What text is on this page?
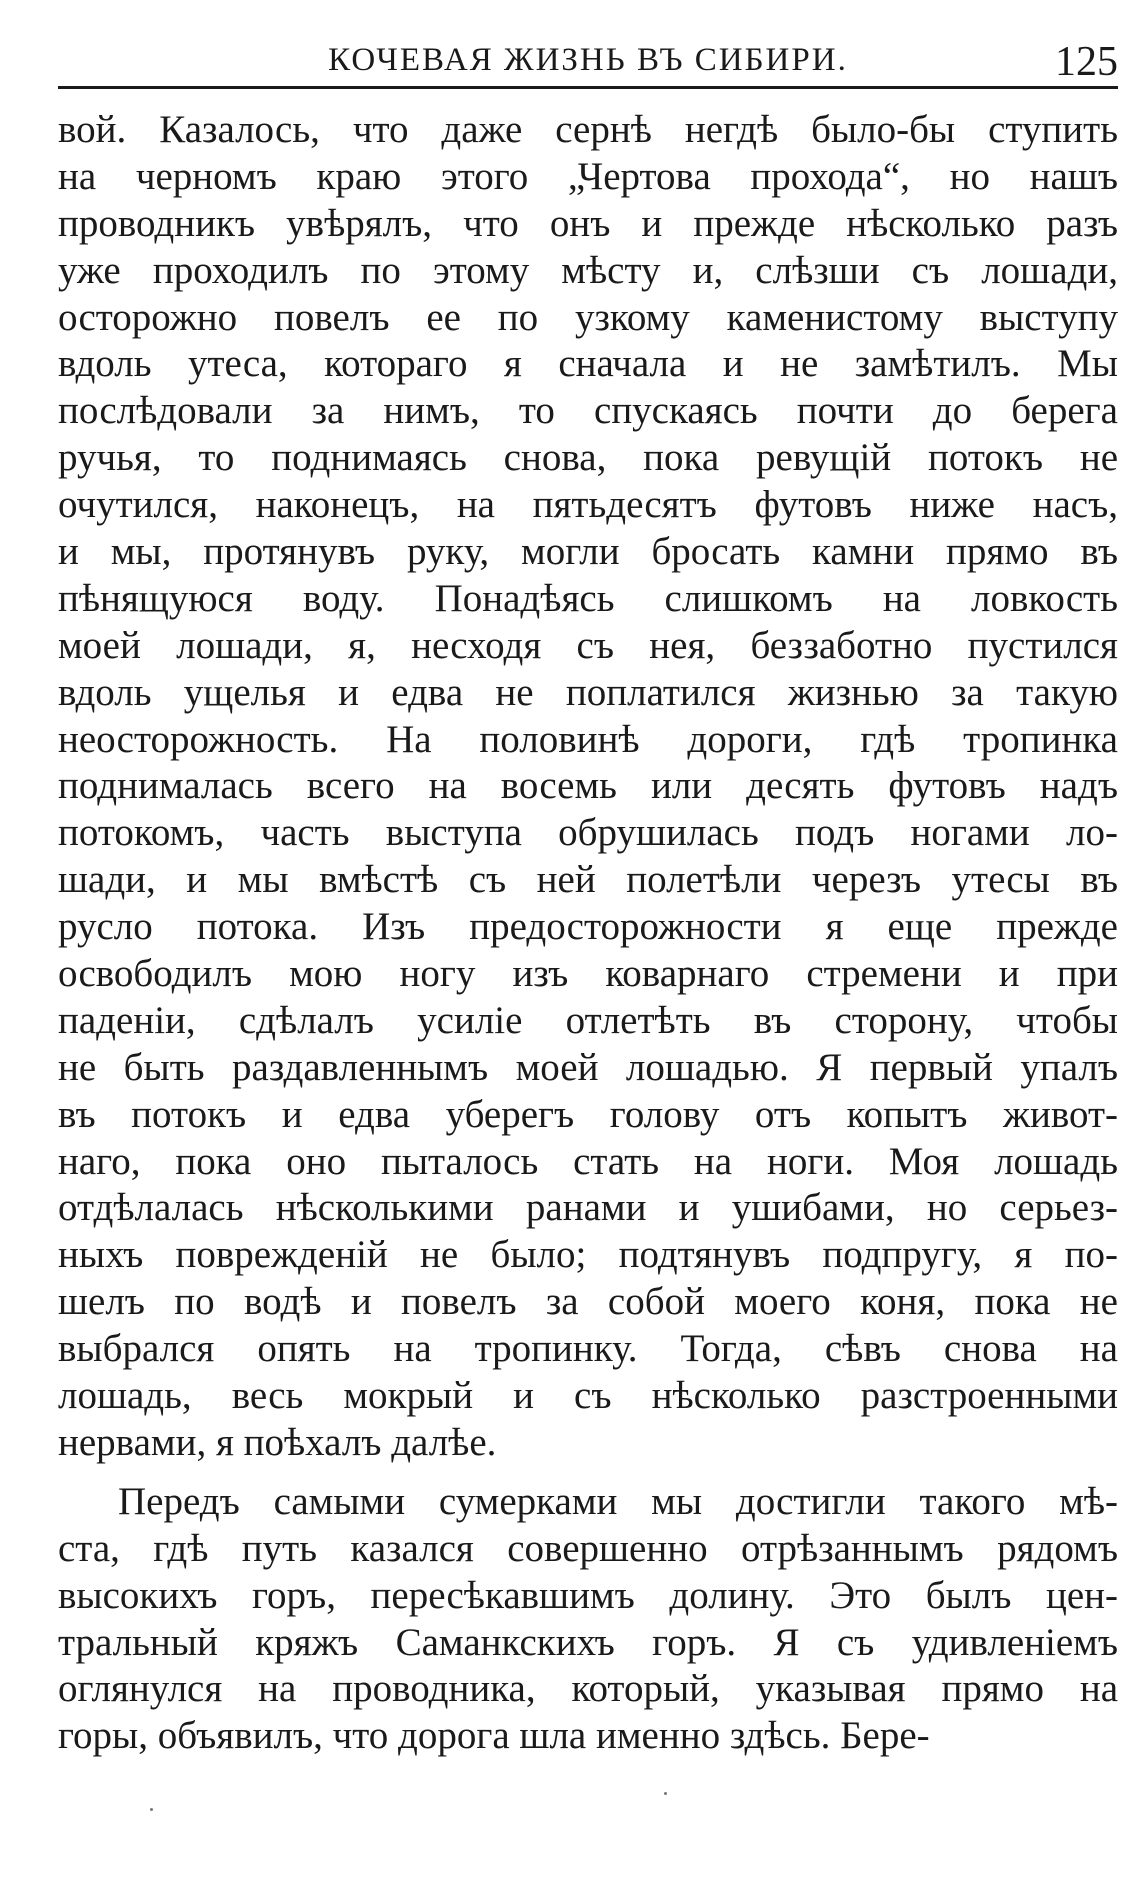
КОЧЕВАЯ ЖИЗНЬ ВЪ СИБИРИ.	125
вой. Казалось, что даже сернѣ негдѣ было-бы ступить
на черномъ краю этого „Чертова прохода“, но нашъ
проводникъ увѣрялъ, что онъ и прежде нѣсколько разъ
уже проходилъ по этому мѣсту и, слѣзши съ лошади,
осторожно повелъ ее по узкому каменистому выступу
вдоль утеса, котораго я сначала и не замѣтилъ. Мы
послѣдовали за нимъ, то спускаясь почти до берега
ручья, то поднимаясь снова, пока ревущій потокъ не
очутился, наконецъ, на пятьдесятъ футовъ ниже насъ,
и мы, протянувъ руку, могли бросать камни прямо въ
пѣнящуюся воду. Понадѣясь слишкомъ на ловкость
моей лошади, я, несходя съ нея, беззаботно пустился
вдоль ущелья и едва не поплатился жизнью за такую
неосторожность. На половинѣ дороги, гдѣ тропинка
поднималась всего на восемь или десять футовъ надъ
потокомъ, часть выступа обрушилась подъ ногами ло-
шади, и мы вмѣстѣ съ ней полетѣли черезъ утесы въ
русло потока. Изъ предосторожности я еще прежде
освободилъ мою ногу изъ коварнаго стремени и при
паденіи, сдѣлалъ усиліе отлетѣть въ сторону, чтобы
не быть раздавленнымъ моей лошадью. Я первый упалъ
въ потокъ и едва уберегъ голову отъ копытъ живот-
наго, пока оно пыталось стать на ноги. Моя лошадь
отдѣлалась нѣсколькими ранами и ушибами, но серьез-
ныхъ поврежденій не было; подтянувъ подпругу, я по-
шелъ по водѣ и повелъ за собой моего коня, пока не
выбрался опять на тропинку. Тогда, сѣвъ снова на
лошадь, весь мокрый и съ нѣсколько разстроенными
нервами, я поѣхалъ далѣе.
Передъ самыми сумерками мы достигли такого мѣ-
ста, гдѣ путь казался совершенно отрѣзаннымъ рядомъ
высокихъ горъ, пересѣкавшимъ долину. Это былъ цен-
тральный кряжъ Саманкскихъ горъ. Я съ удивленіемъ
оглянулся на проводника, который, указывая прямо на
горы, объявилъ, что дорога шла именно здѣсь. Бере-
